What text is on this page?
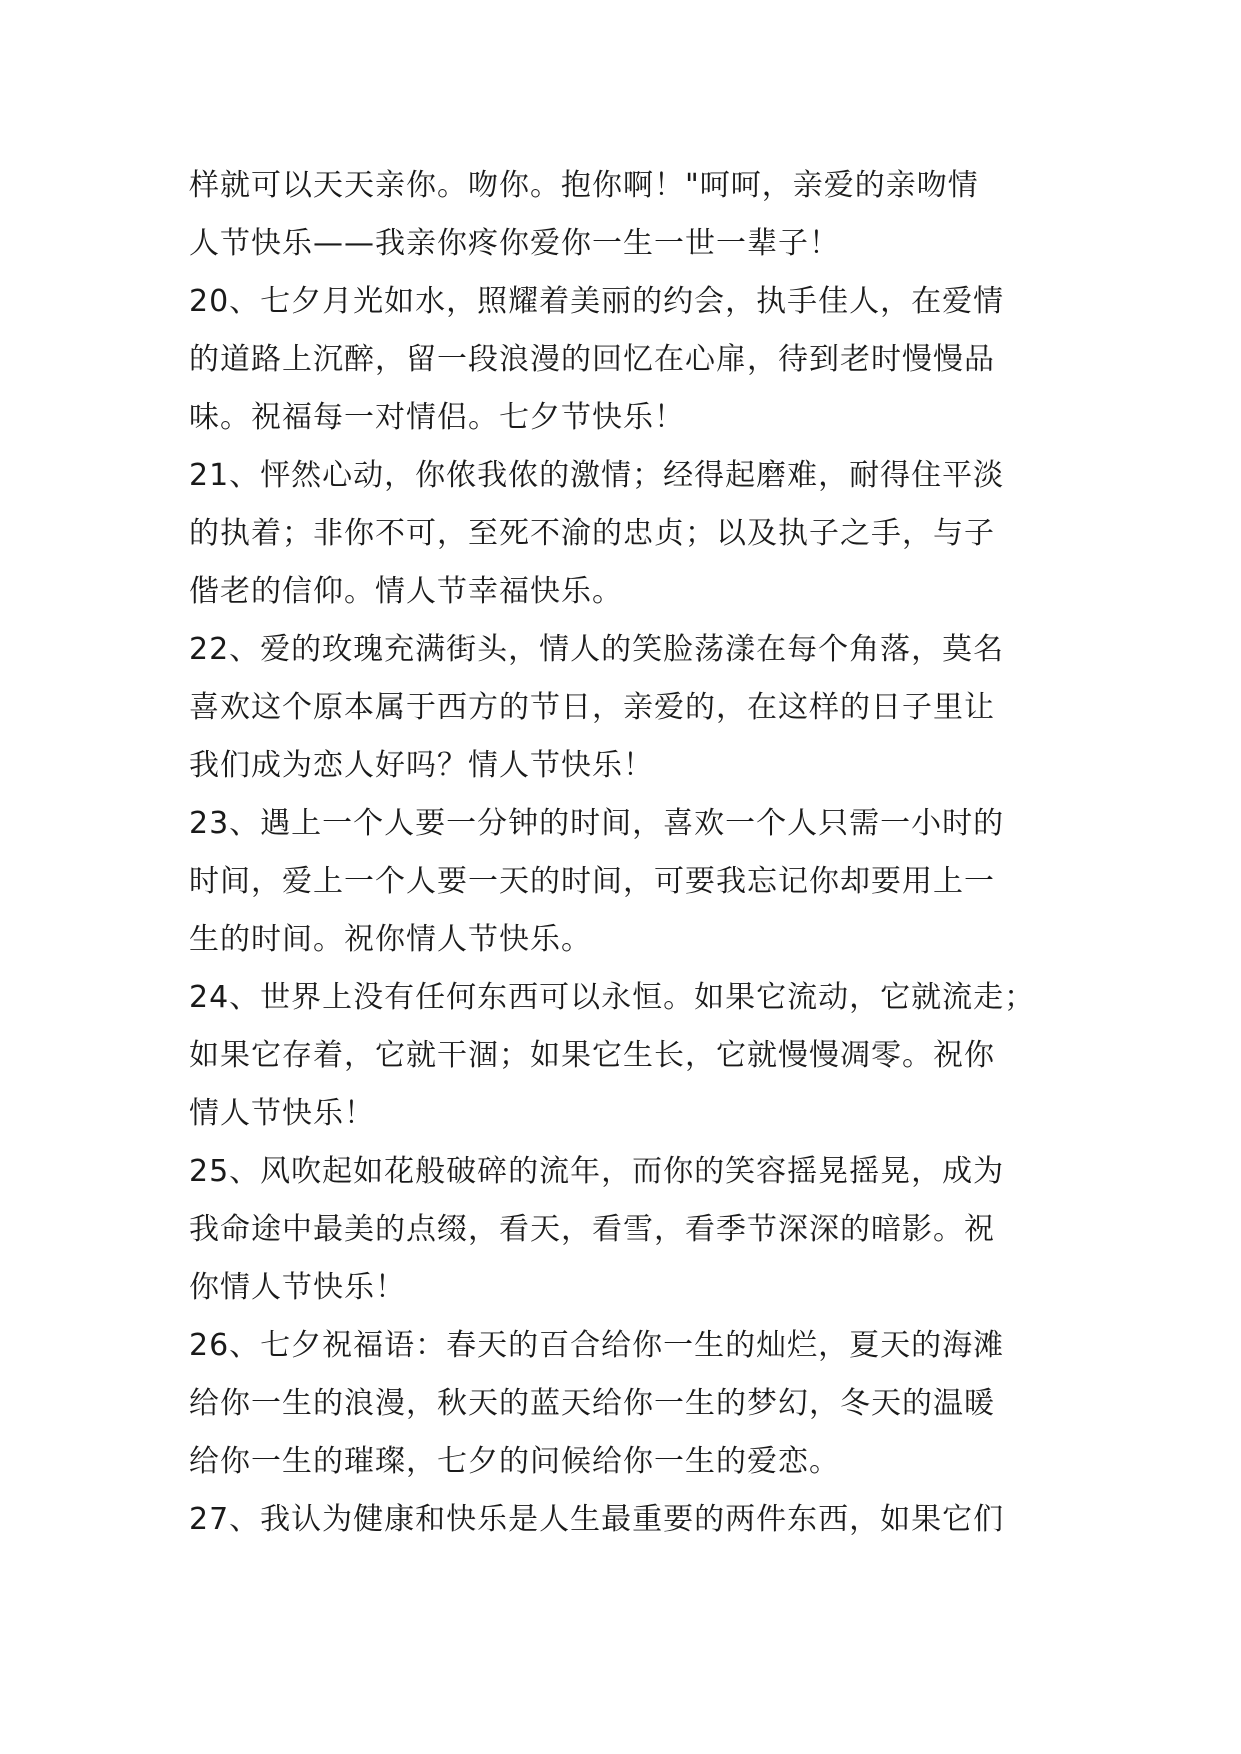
样就可以天天亲你。吻你。抱你啊！"呵呵，亲爱的亲吻情
人节快乐——我亲你疼你爱你一生一世一辈子！
20、七夕月光如水，照耀着美丽的约会，执手佳人，在爱情
的道路上沉醉，留一段浪漫的回忆在心扉，待到老时慢慢品
味。祝福每一对情侣。七夕节快乐！
21、怦然心动，你侬我侬的激情；经得起磨难，耐得住平淡
的执着；非你不可，至死不渝的忠贞；以及执子之手，与子
偕老的信仰。情人节幸福快乐。
22、爱的玫瑰充满街头，情人的笑脸荡漾在每个角落，莫名
喜欢这个原本属于西方的节日，亲爱的，在这样的日子里让
我们成为恋人好吗？情人节快乐！
23、遇上一个人要一分钟的时间，喜欢一个人只需一小时的
时间，爱上一个人要一天的时间，可要我忘记你却要用上一
生的时间。祝你情人节快乐。
24、世界上没有任何东西可以永恒。如果它流动，它就流走；
如果它存着，它就干涸；如果它生长，它就慢慢凋零。祝你
情人节快乐！
25、风吹起如花般破碎的流年，而你的笑容摇晃摇晃，成为
我命途中最美的点缀，看天，看雪，看季节深深的暗影。祝
你情人节快乐！
26、七夕祝福语：春天的百合给你一生的灿烂，夏天的海滩
给你一生的浪漫，秋天的蓝天给你一生的梦幻，冬天的温暖
给你一生的璀璨，七夕的问候给你一生的爱恋。
27、我认为健康和快乐是人生最重要的两件东西，如果它们
